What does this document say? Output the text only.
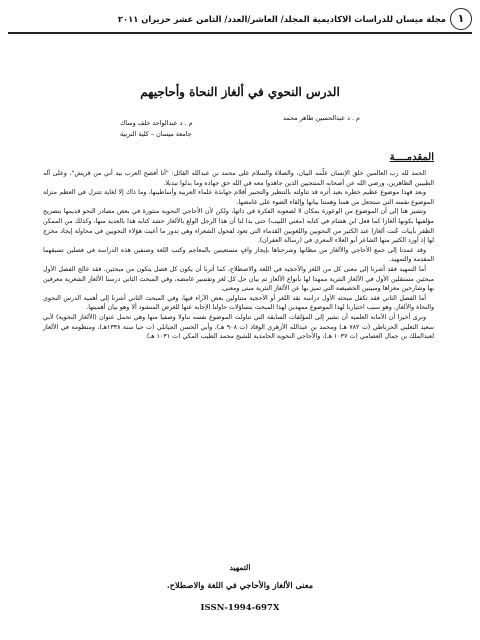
١
مجلة ميسان للدراسات الاكاديمية المجلد/ العاشر/العدد/ الثامن عشر حزيران ٢٠١١
الدرس النحوي في ألغاز النحاة وأحاجيهم
م . د عبدالحسين طاهر محمد
م . د عبدالواحد خلف وساك
جامعة ميسان – كلية التربية
المقدمــــة

الحمد لله رب العالمين خلق الإنسان علّمه البيان، والصلاة والسلام على محمد بن عبدالله القائل: "أنا أفصح العرب بيد أني من قريش"، وعلى آله الطيبين الطاهرين، ورضي الله عن أصحابه المنتجبين الذين جاهدوا معه في الله حق جهاده وما بدلوا تبديلا.

وبعد فهذا موضوع عظيم خطره بعيد أثره قد تناولته بالتنظير والتحبير أقلام جهابذة علماء العربية وأساطينها، وما ذاك إلا لغاية تتنزل في العظم منزلة الموضوع نفسه التي ستجعل من همنا وهمتنا بيانها وإلقاء الضوء على غامضها.

وتشير هنا إلى أن الموضوع من الوعورة بمكان لا لصعوبة الفكرة في ذاتها، ولكن لأن الأحاجي النحوية منثورة في بعض مصادر النحو قديمها بتصريح مؤلفيها بكونها ألغازا كما فعل ابن هشام في كتابه (مغني اللبيب) حتى بدا لنا أن هذا الرجل الولع بالألغاز حشد كتابه هذا بالعديد منها، وكذلك من الممكن الظفر بأبيات عُنت ألغازا عند الكثير من النحويين واللغويين القدماء التي تعود لفحول الشعراء وهي تدور ما أعيت هؤلاء النحويين في محاولة إيجاد مخرج لها إذ أورد الكثير منها الشاعر أبو العلاء المعري في (رسالة الغفران).

وقد عمدنا إلى جمع الأحاجي والألغاز من مظانها وشرحناها بإيجاز وافٍ مستعينين بالمعاجم وكتب اللغة وصنفين هذه الدراسة في فصلين تسبقهما المقدمة والتمهيد.

أما التمهيد فقد أشرنا إلى معنى كل من اللغز والأحجية في اللغة والاصطلاح، كما أثرنا أن يكون كل فصل يتكون من مبحثين، فقد عالج الفصل الأول مبحثين مستقلين الأول في الألغاز النثرية ممهدا لها بأنواع الألغاز ثم بيان حل كل لغز وتفسير غامضه، وفي المبحث الثاني درسنا الألغاز الشعرية معرفين بها وشارحين مغزاها ومبينين الخصيصة التي تميز بها عن الألغاز النثرية مبنى ومعنى.

أما الفصل الثاني فقد تكفل مبحثه الأول دراسة نقد اللغز أو الأحجية متناولين بعض الآراء فيها، وفي المبحث الثاني أشرنا إلى أهمية الدرس النحوي والنحاة والألغاز، وهو سبب اختيارنا لهذا الموضوع ممهدين لهذا المبحث بتساؤلات حاولنا الإجابة عنها للغرض المنشود ألا وهو بيان أهميتها.

ونرى أخيرا أن الأمانة العلمية أن نشير إلى المؤلفات السابقة التي تناولت الموضوع نفسه تناولا وصفيا منها وهي تحمل عنوان (الألغاز النحوية) لأبي سعيد الثعلبي الحرناطي (ت ٧٨٢ هـ) ومحمد بن عبدالله الأزهري الوقاد (ت ٩٠٨ هـ)، وأبي الحسن الجيانلي (ت حيا سنة ١٣٣٨هـ)، ومنظومة في الألغاز لعبدالملك بن جمال العصامي (ت ١٠٣٧ هـ)، والأحاجي النحوية الحامدية للشيخ محمد الطيب المكي (ت ١٠٣١ هـ).

التمهيد
معنى الألغاز والأحاجي في اللغة والاصطلاح.
ISSN-1994-697X
